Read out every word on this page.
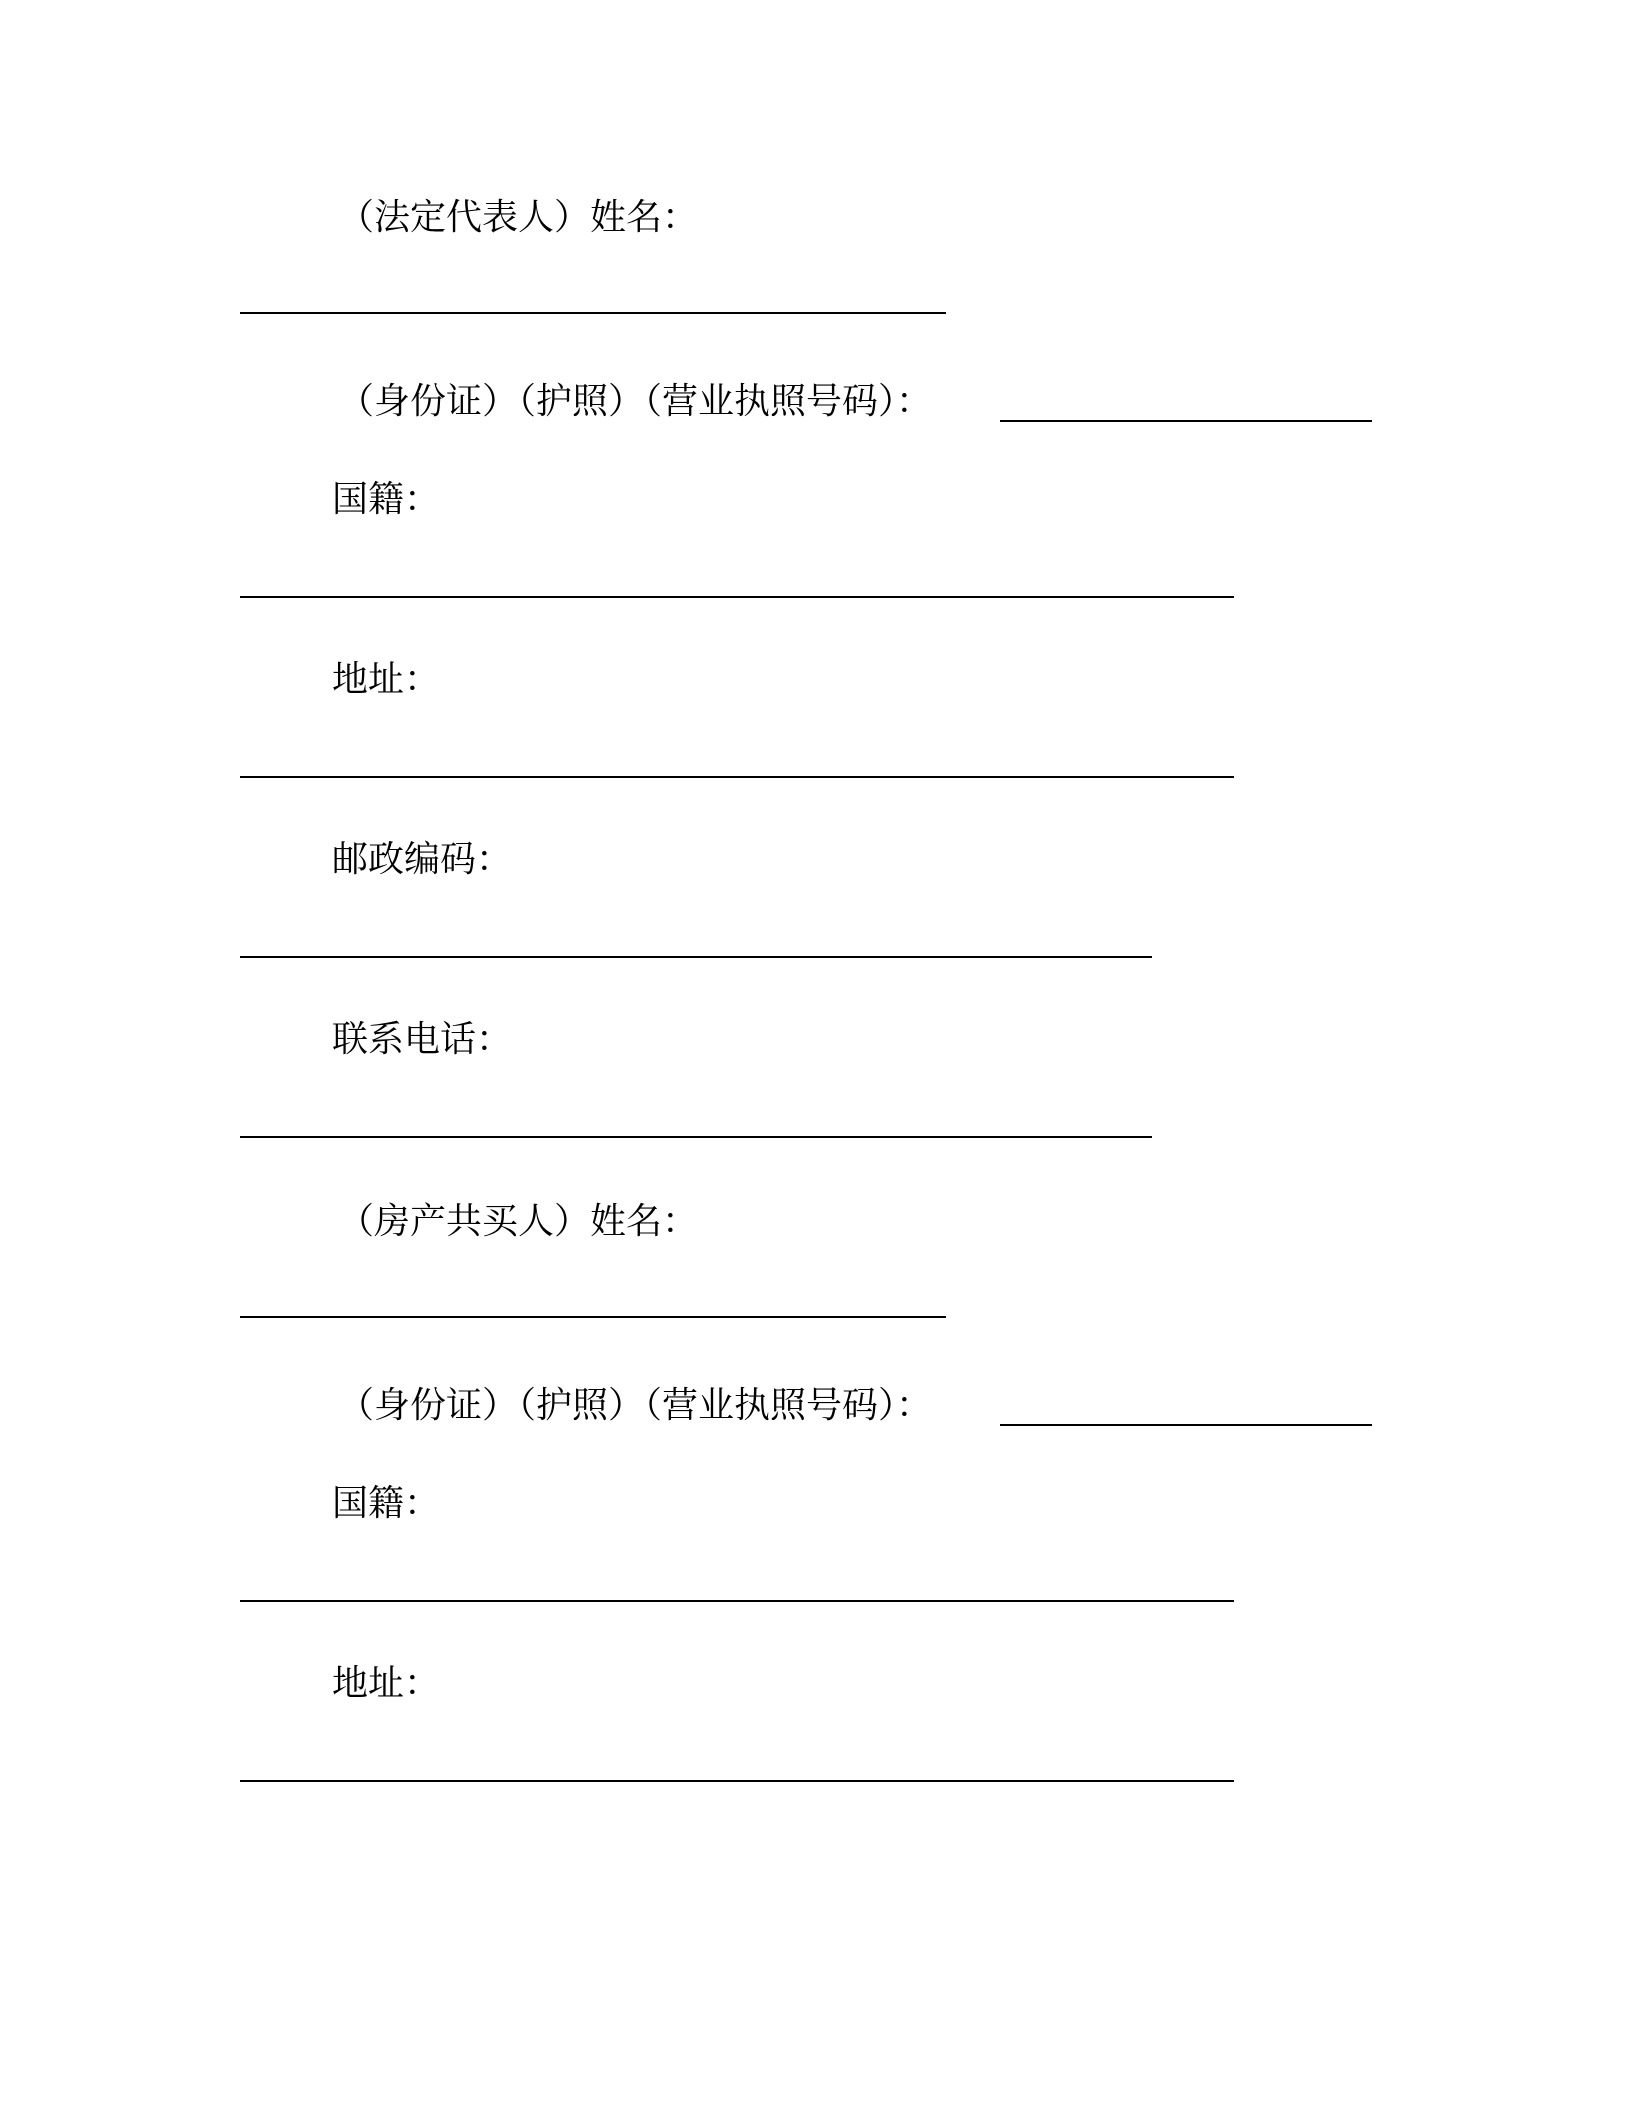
（法定代表人）姓名：
（身份证）（护照）（营业执照号码）：
国籍：
地址：
邮政编码：
联系电话：
（房产共买人）姓名：
（身份证）（护照）（营业执照号码）：
国籍：
地址：
